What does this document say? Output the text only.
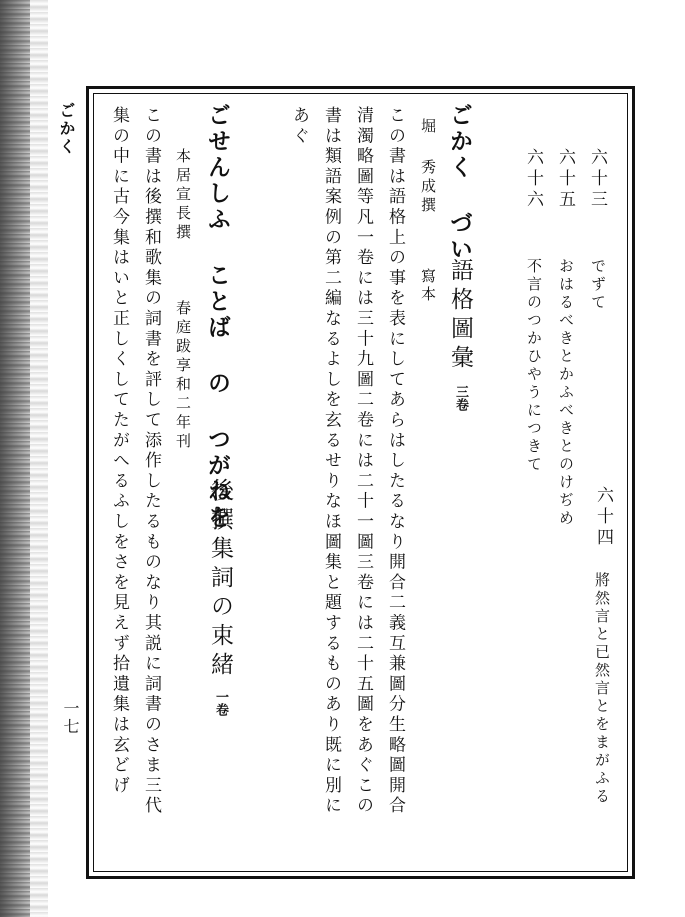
ごかく
一七
六十三
でずて
六十五
おはるべきとかふべきとのけぢめ
六十六
不言のつかひやうにつきて
六十四
將然言と已然言とをまがふる
ごかく づい
語格圖彙
三卷
堀 秀成撰
寫本
この書は語格上の事を表にしてあらはしたるなり開合二義互兼圖分生略圖開合
清濁略圖等凡一卷には三十九圖二卷には二十一圖三卷には二十五圖をあぐこの
書は類語案例の第二編なるよしを玄るせりなほ圖集と題するものあり既に別に
あぐ
ごせんしふ ことば の つがねを
後撰集詞の束緒
一卷
本居宣長撰
春庭跋享和二年刊
この書は後撰和歌集の詞書を評して添作したるものなり其説に詞書のさま三代
集の中に古今集はいと正しくしてたがへるふしをさを見えず拾遺集は玄どげ
